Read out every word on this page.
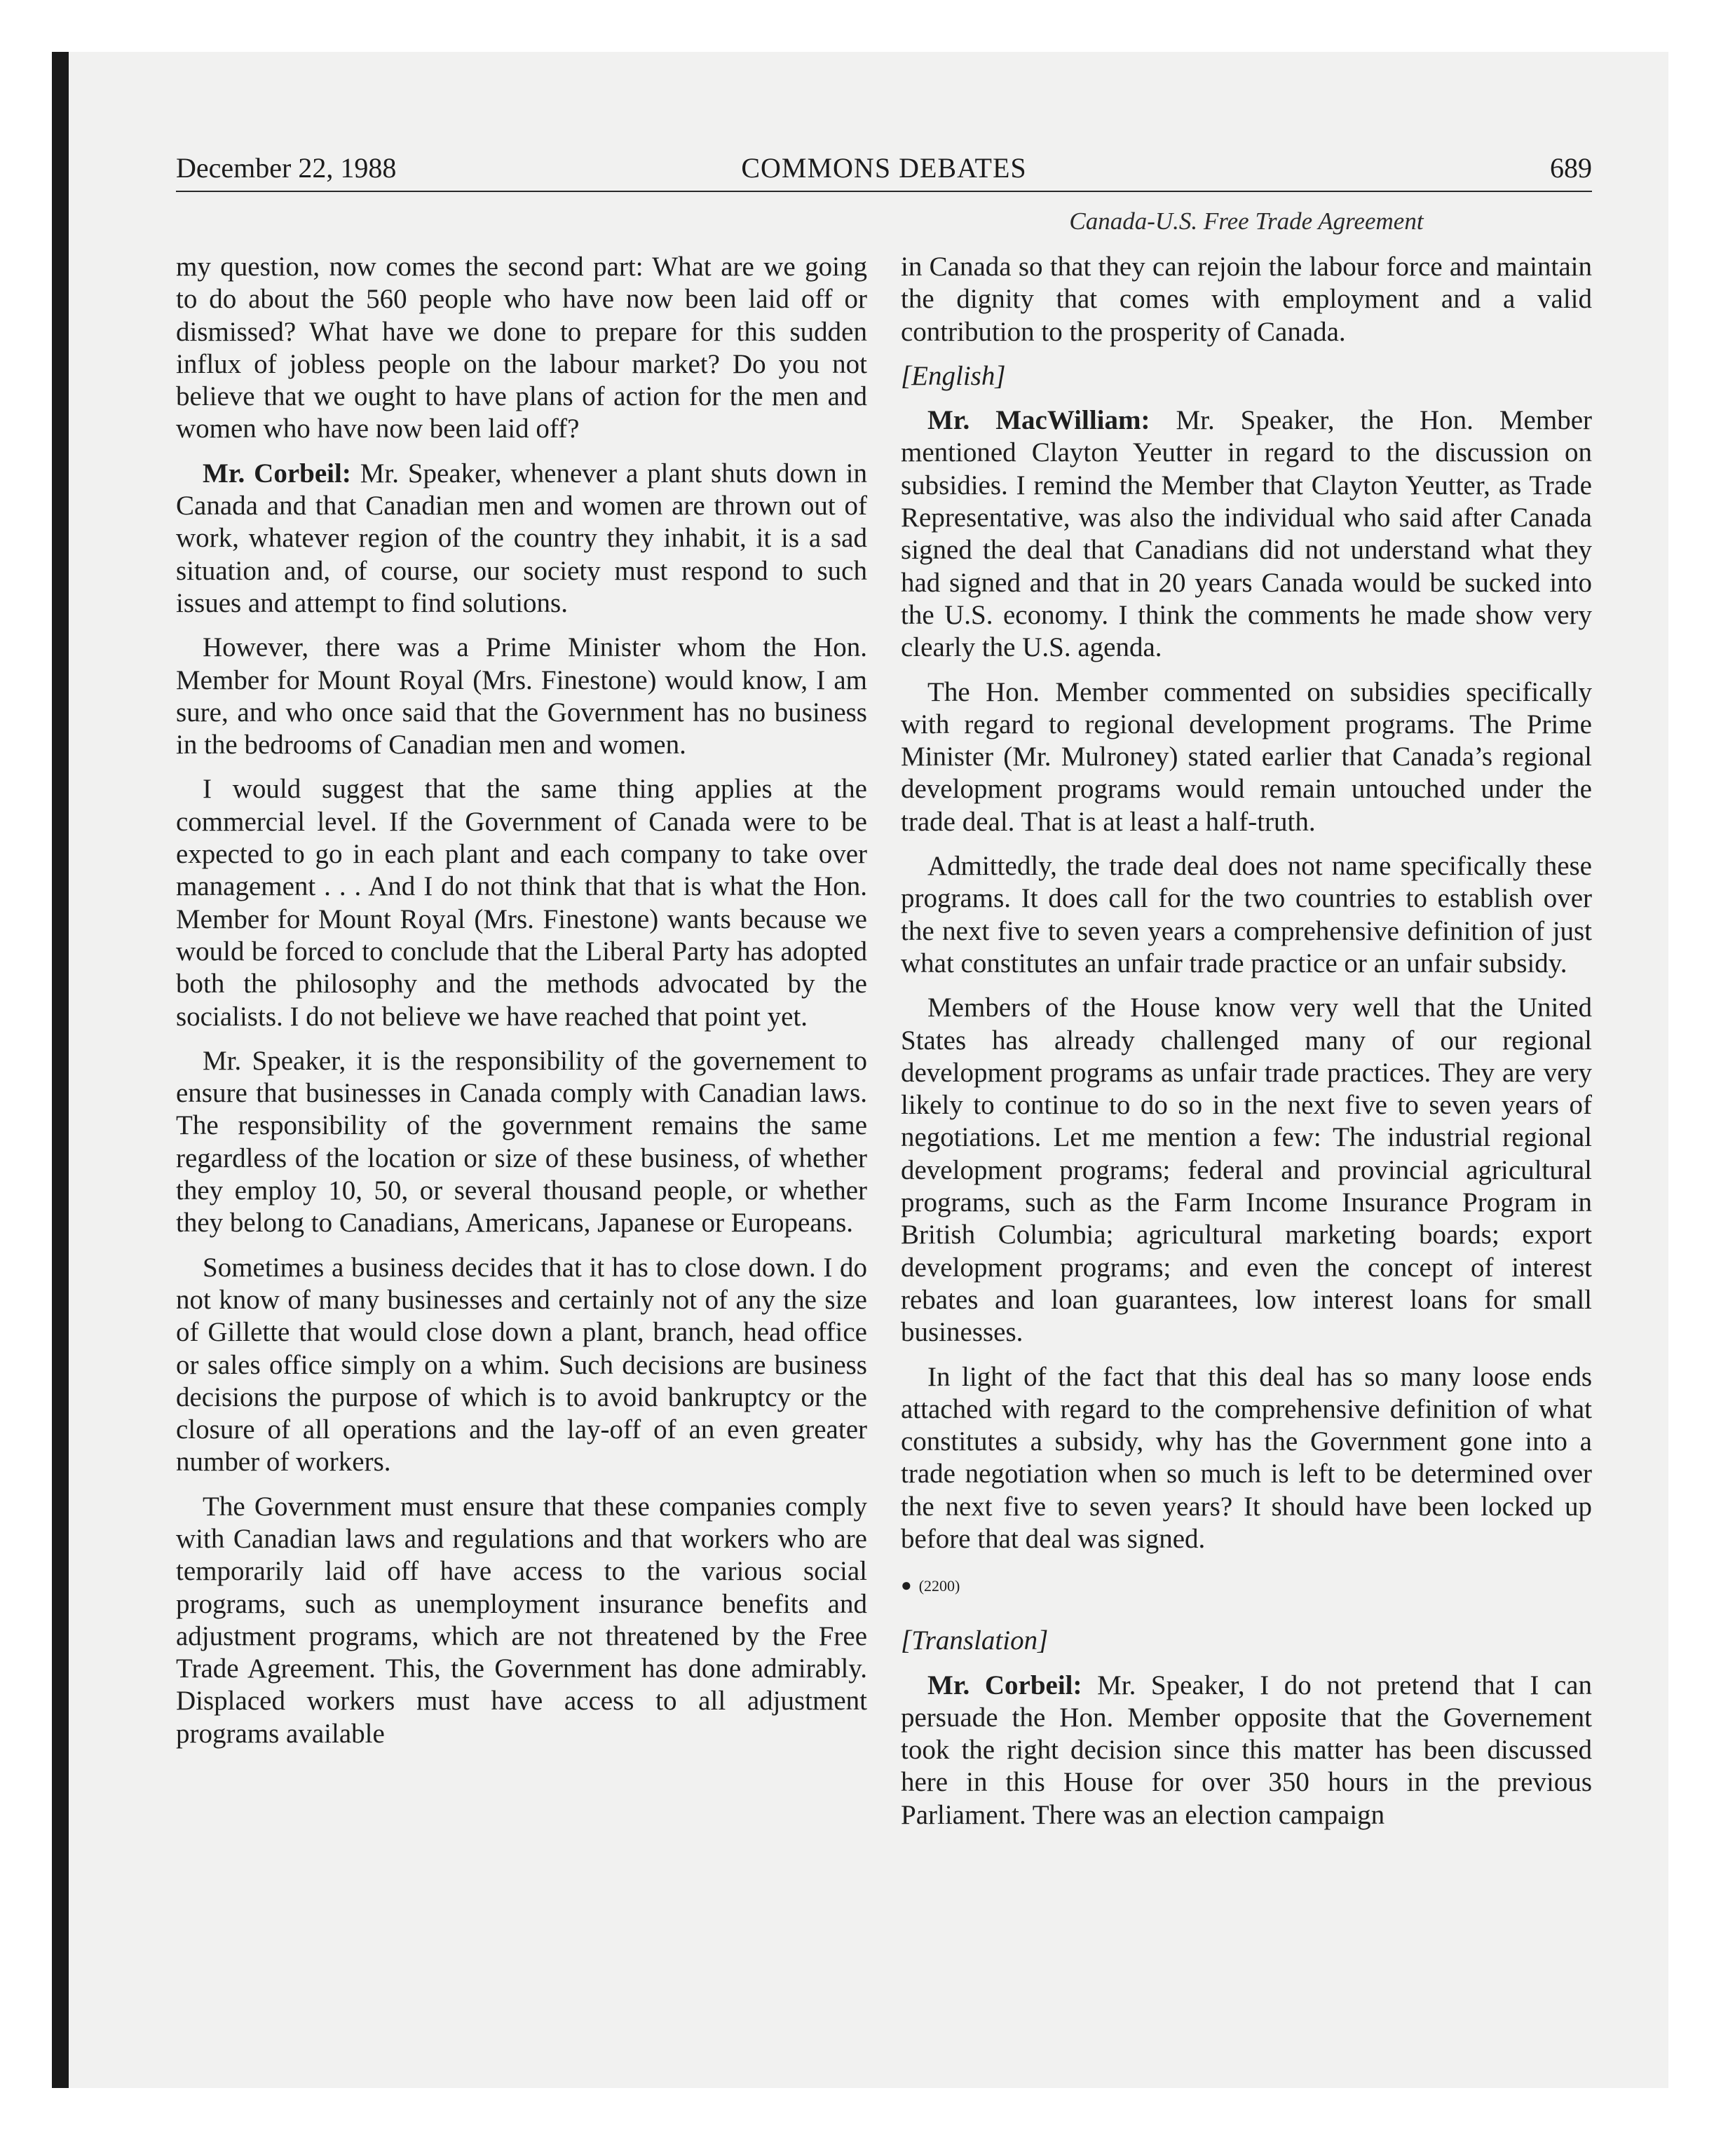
December 22, 1988	COMMONS DEBATES	689
Canada-U.S. Free Trade Agreement

my question, now comes the second part: What are we going to do about the 560 people who have now been laid off or dismissed? What have we done to prepare for this sudden influx of jobless people on the labour market? Do you not believe that we ought to have plans of action for the men and women who have now been laid off?

Mr. Corbeil: Mr. Speaker, whenever a plant shuts down in Canada and that Canadian men and women are thrown out of work, whatever region of the country they inhabit, it is a sad situation and, of course, our society must respond to such issues and attempt to find solutions.

However, there was a Prime Minister whom the Hon. Member for Mount Royal (Mrs. Finestone) would know, I am sure, and who once said that the Government has no business in the bedrooms of Canadian men and women.

I would suggest that the same thing applies at the commercial level. If the Government of Canada were to be expected to go in each plant and each company to take over management . . . And I do not think that that is what the Hon. Member for Mount Royal (Mrs. Finestone) wants because we would be forced to conclude that the Liberal Party has adopted both the philosophy and the methods advocated by the socialists. I do not believe we have reached that point yet.

Mr. Speaker, it is the responsibility of the governement to ensure that businesses in Canada comply with Canadian laws. The responsibility of the government remains the same regardless of the location or size of these business, of whether they employ 10, 50, or several thousand people, or whether they belong to Canadians, Americans, Japanese or Europeans.

Sometimes a business decides that it has to close down. I do not know of many businesses and certainly not of any the size of Gillette that would close down a plant, branch, head office or sales office simply on a whim. Such decisions are business decisions the purpose of which is to avoid bankruptcy or the closure of all operations and the lay-off of an even greater number of workers.

The Government must ensure that these companies comply with Canadian laws and regulations and that workers who are temporarily laid off have access to the various social programs, such as unemployment insurance benefits and adjustment programs, which are not threatened by the Free Trade Agreement. This, the Government has done admirably. Displaced workers must have access to all adjustment programs available

in Canada so that they can rejoin the labour force and maintain the dignity that comes with employment and a valid contribution to the prosperity of Canada.

[English]

Mr. MacWilliam: Mr. Speaker, the Hon. Member mentioned Clayton Yeutter in regard to the discussion on subsidies. I remind the Member that Clayton Yeutter, as Trade Representative, was also the individual who said after Canada signed the deal that Canadians did not understand what they had signed and that in 20 years Canada would be sucked into the U.S. economy. I think the comments he made show very clearly the U.S. agenda.

The Hon. Member commented on subsidies specifically with regard to regional development programs. The Prime Minister (Mr. Mulroney) stated earlier that Canada’s regional development programs would remain untouched under the trade deal. That is at least a half-truth.

Admittedly, the trade deal does not name specifically these programs. It does call for the two countries to establish over the next five to seven years a comprehensive definition of just what constitutes an unfair trade practice or an unfair subsidy.

Members of the House know very well that the United States has already challenged many of our regional development programs as unfair trade practices. They are very likely to continue to do so in the next five to seven years of negotiations. Let me mention a few: The industrial regional development programs; federal and provincial agricultural programs, such as the Farm Income Insurance Program in British Columbia; agricultural marketing boards; export development programs; and even the concept of interest rebates and loan guarantees, low interest loans for small businesses.

In light of the fact that this deal has so many loose ends attached with regard to the comprehensive definition of what constitutes a subsidy, why has the Government gone into a trade negotiation when so much is left to be determined over the next five to seven years? It should have been locked up before that deal was signed.

● (2200)
[Translation]

Mr. Corbeil: Mr. Speaker, I do not pretend that I can persuade the Hon. Member opposite that the Governement took the right decision since this matter has been discussed here in this House for over 350 hours in the previous Parliament. There was an election campaign
